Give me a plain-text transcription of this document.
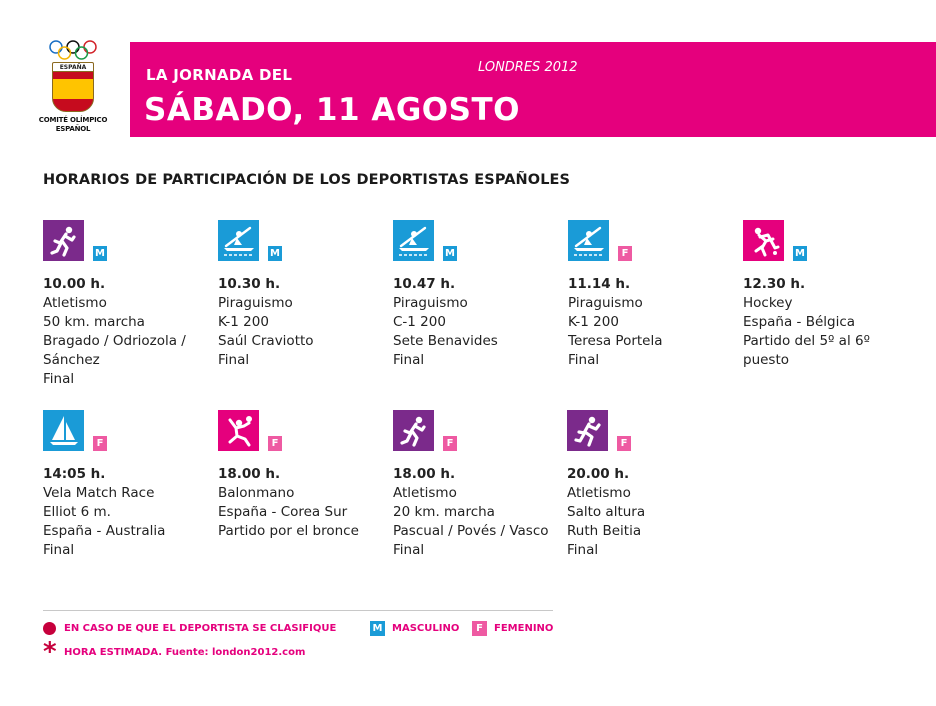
ESPAÑA
COMITÉ OLÍMPICO
ESPAÑOL
LA JORNADA DEL
SÁBADO, 11 AGOSTO
LONDRES 2012
HORARIOS DE PARTICIPACIÓN DE LOS DEPORTISTAS ESPAÑOLES
M
10.00 h.
Atletismo
50 km. marcha
Bragado / Odriozola /
Sánchez
Final
M
10.30 h.
Piraguismo
K-1 200
Saúl Craviotto
Final
M
10.47 h.
Piraguismo
C-1 200
Sete Benavides
Final
F
11.14 h.
Piraguismo
K-1 200
Teresa Portela
Final
M
12.30 h.
Hockey
España - Bélgica
Partido del 5º al 6º
puesto
F
14:05 h.
Vela Match Race
Elliot 6 m.
España - Australia
Final
F
18.00 h.
Balonmano
España - Corea Sur
Partido por el bronce
F
18.00 h.
Atletismo
20 km. marcha
Pascual / Povés / Vasco
Final
F
20.00 h.
Atletismo
Salto altura
Ruth Beitia
Final
EN CASO DE QUE EL DEPORTISTA SE CLASIFIQUE	M MASCULINO	F	FEMENINO
* HORA ESTIMADA. Fuente: london2012.com
